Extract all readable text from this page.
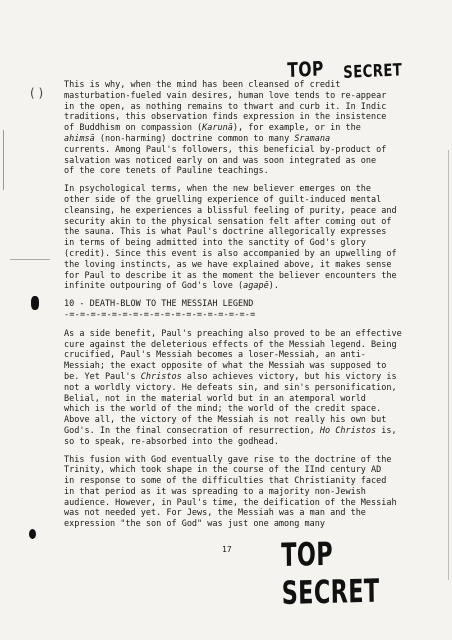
( )
TOP SECRET
This is why, when the mind has been cleansed of credit
masturbation-fueled vain desires, human love tends to re-appear
in the open, as nothing remains to thwart and curb it. In Indic
traditions, this observation finds expression in the insistence
of Buddhism on compassion (Karunā), for example, or in the
ahimsā (non-harming) doctrine common to many Sramana
currents. Among Paul's followers, this beneficial by-product of
salvation was noticed early on and was soon integrated as one
of the core tenets of Pauline teachings.
In psychological terms, when the new believer emerges on the
other side of the gruelling experience of guilt-induced mental
cleansing, he experiences a blissful feeling of purity, peace and
security akin to the physical sensation felt after coming out of
the sauna. This is what Paul's doctrine allegorically expresses
in terms of being admitted into the sanctity of God's glory
(credit). Since this event is also accompanied by an upwelling of
the loving instincts, as we have explained above, it makes sense
for Paul to describe it as the moment the believer encounters the
infinite outpouring of God's love (agapē).
10 - DEATH-BLOW TO THE MESSIAH LEGEND
-=-=-=-=-=-=-=-=-=-=-=-=-=-=-=-=-=-=
As a side benefit, Paul's preaching also proved to be an effective
cure against the deleterious effects of the Messiah legend. Being
crucified, Paul's Messiah becomes a loser-Messiah, an anti-
Messiah; the exact opposite of what the Messiah was supposed to
be. Yet Paul's Christos also achieves victory, but his victory is
not a worldly victory. He defeats sin, and sin's personification,
Belial, not in the material world but in an atemporal world
which is the world of the mind; the world of the credit space.
Above all, the victory of the Messiah is not really his own but
God's. In the final consecration of resurrection, Ho Christos is,
so to speak, re-absorbed into the godhead.
This fusion with God eventually gave rise to the doctrine of the
Trinity, which took shape in the course of the IInd century AD
in response to some of the difficulties that Christianity faced
in that period as it was spreading to a majority non-Jewish
audience. However, in Paul's time, the deification of the Messiah
was not needed yet. For Jews, the Messiah was a man and the
expression "the son of God" was just one among many
17 TOP SECRET
